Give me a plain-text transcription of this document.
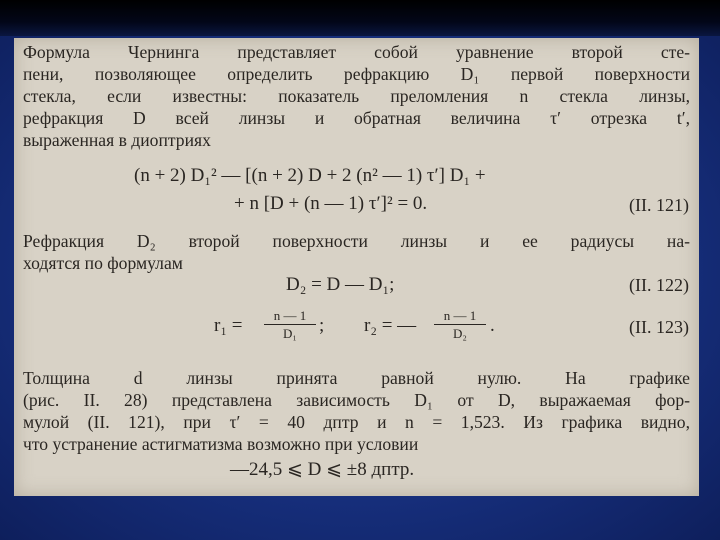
Формула Чернинга представляет собой уравнение второй сте-
пени, позволяющее определить рефракцию D₁ первой поверхности
стекла, если известны: показатель преломления n стекла линзы,
рефракция D всей линзы и обратная величина τ′ отрезка t′,
выраженная в диоптриях
(n + 2) D₁² — [(n + 2) D + 2 (n² — 1) τ′] D₁ +
+ n [D + (n — 1) τ′]² = 0.	(II. 121)
Рефракция D₂ второй поверхности линзы и ее радиусы на-
ходятся по формулам
D₂ = D — D₁;	(II. 122)
$r_1 = \frac{n — 1}{\text{D₁}}$ ; r₂ = — $\frac{n — 1}{\text{D₂}}$ .	(II. 123)
Толщина d линзы принята равной нулю. На графике
(рис. II. 28) представлена зависимость D₁ от D, выражаемая фор-
мулой (II. 121), при τ′ = 40 дптр и n = 1,523. Из графика видно,
что устранение астигматизма возможно при условии
—24,5 ⩽ D ⩽ ±8 дптр.
